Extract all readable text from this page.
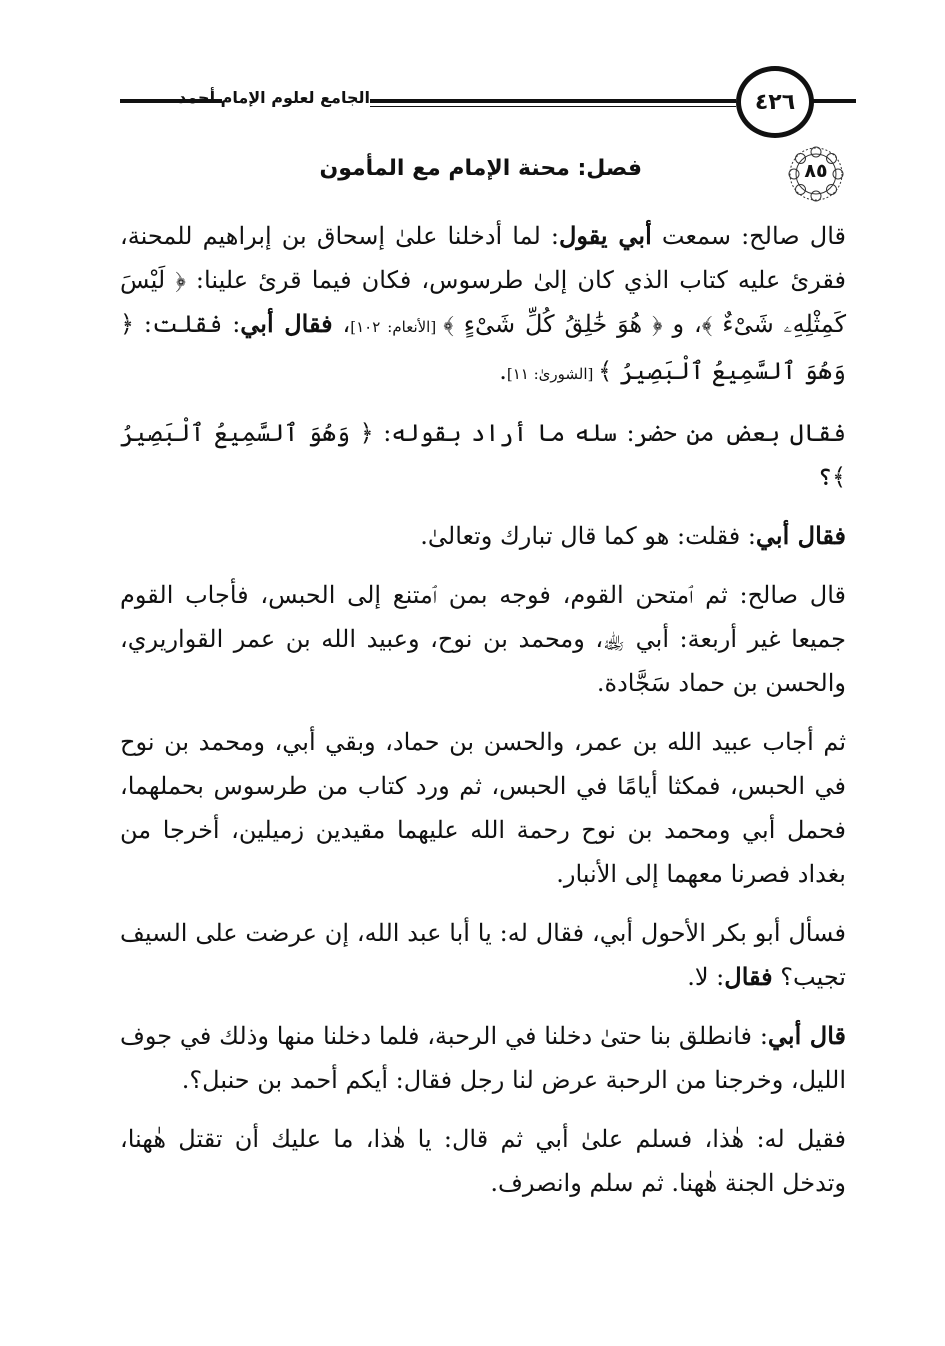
الجامع لعلوم الإمام أحمد	٤٢٦
فصل: محنة الإمام مع المأمون	٨٥

قال صالح: سمعت أبي يقول: لما أدخلنا علىٰ إسحاق بن إبراهيم للمحنة، فقرئ عليه كتاب الذي كان إلىٰ طرسوس، فكان فيما قرئ علينا: ﴿ لَيْسَ كَمِثْلِهِۦ شَىْءٌ ﴾، و ﴿ هُوَ خَٰلِقُ كُلِّ شَىْءٍ ﴾ [الأنعام: ١٠٢]، فقال أبي: فقلت: ﴿ وَهُوَ ٱلسَّمِيعُ ٱلْبَصِيرُ ﴾ [الشورىٰ: ١١].

فقال بعض من حضر: سله ما أراد بقوله: ﴿ وَهُوَ ٱلسَّمِيعُ ٱلْبَصِيرُ ﴾؟

فقال أبي: فقلت: هو كما قال تبارك وتعالىٰ.

قال صالح: ثم ٱمتحن القوم، فوجه بمن ٱمتنع إلى الحبس، فأجاب القوم جميعا غير أربعة: أبي ﵀، ومحمد بن نوح، وعبيد الله بن عمر القواريري، والحسن بن حماد سَجَّادة.

ثم أجاب عبيد الله بن عمر، والحسن بن حماد، وبقي أبي، ومحمد بن نوح في الحبس، فمكثا أيامًا في الحبس، ثم ورد كتاب من طرسوس بحملهما، فحمل أبي ومحمد بن نوح رحمة الله عليهما مقيدين زميلين، أخرجا من بغداد فصرنا معهما إلى الأنبار.

فسأل أبو بكر الأحول أبي، فقال له: يا أبا عبد الله، إن عرضت على السيف تجيب؟ فقال: لا.

قال أبي: فانطلق بنا حتىٰ دخلنا في الرحبة، فلما دخلنا منها وذلك في جوف الليل، وخرجنا من الرحبة عرض لنا رجل فقال: أيكم أحمد بن حنبل؟.

فقيل له: هٰذا، فسلم علىٰ أبي ثم قال: يا هٰذا، ما عليك أن تقتل هٰهنا، وتدخل الجنة هٰهنا. ثم سلم وانصرف.
